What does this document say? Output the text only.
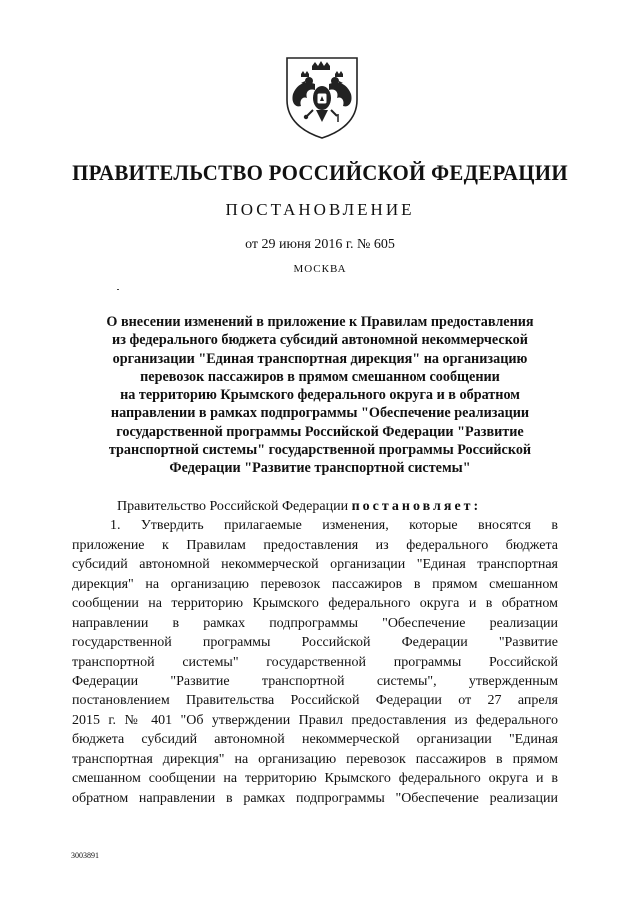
ПРАВИТЕЛЬСТВО РОССИЙСКОЙ ФЕДЕРАЦИИ
ПОСТАНОВЛЕНИЕ
от 29 июня 2016 г. № 605
МОСКВА
О внесении изменений в приложение к Правилам предоставления
из федерального бюджета субсидий автономной некоммерческой
организации "Единая транспортная дирекция" на организацию
перевозок пассажиров в прямом смешанном сообщении
на территорию Крымского федерального округа и в обратном
направлении в рамках подпрограммы "Обеспечение реализации
государственной программы Российской Федерации "Развитие
транспортной системы" государственной программы Российской
Федерации "Развитие транспортной системы"
Правительство Российской Федерации постановляет:
1. Утвердить прилагаемые изменения, которые вносятся в
приложение к Правилам предоставления из федерального бюджета
субсидий автономной некоммерческой организации "Единая транспортная
дирекция" на организацию перевозок пассажиров в прямом смешанном
сообщении на территорию Крымского федерального округа и в обратном
направлении в рамках подпрограммы "Обеспечение реализации
государственной программы Российской Федерации "Развитие
транспортной системы" государственной программы Российской
Федерации "Развитие транспортной системы", утвержденным
постановлением Правительства Российской Федерации от 27 апреля
2015 г. № 401 "Об утверждении Правил предоставления из федерального
бюджета субсидий автономной некоммерческой организации "Единая
транспортная дирекция" на организацию перевозок пассажиров в прямом
смешанном сообщении на территорию Крымского федерального округа и в
обратном направлении в рамках подпрограммы "Обеспечение реализации
3003891
